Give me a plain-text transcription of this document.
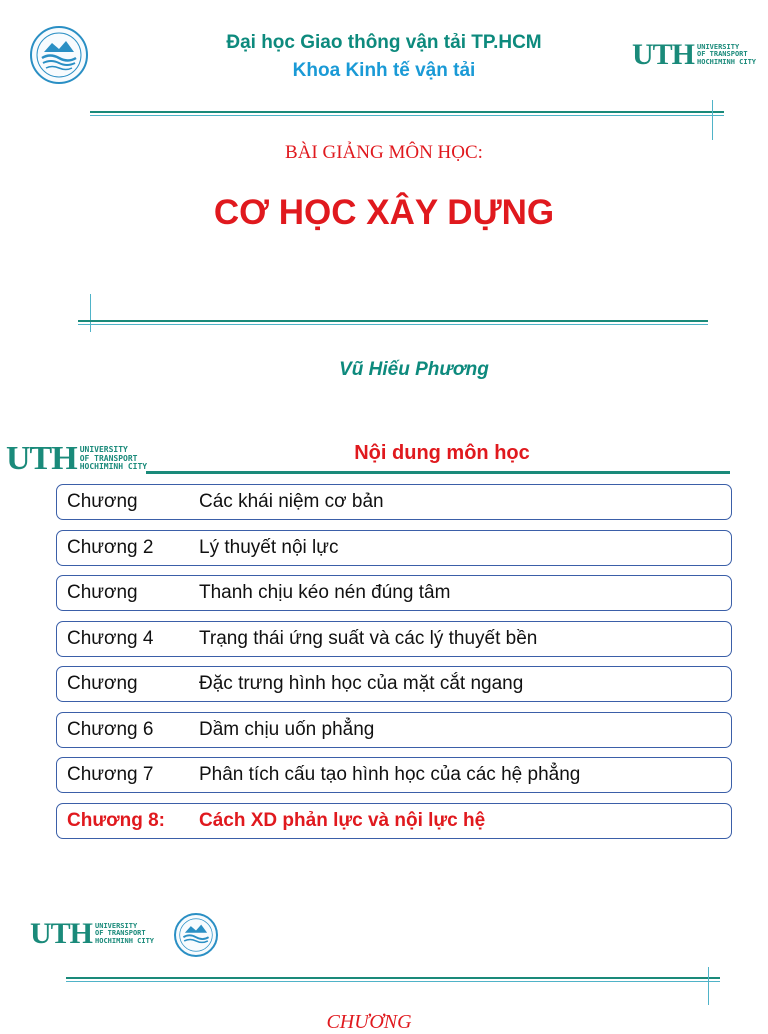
Đại học Giao thông vận tải TP.HCM
Khoa Kinh tế vận tải	UTH UNIVERSITY
OF TRANSPORT
HOCHIMINH CITY
BÀI GIẢNG MÔN HỌC:
CƠ HỌC XÂY DỰNG
Vũ Hiếu Phương
UTH UNIVERSITY
OF TRANSPORT
HOCHIMINH CITY
Nội dung môn học
Chương	Các khái niệm cơ bản
Chương 2 Lý thuyết nội lực
Chương	Thanh chịu kéo nén đúng tâm
Chương 4 Trạng thái ứng suất và các lý thuyết bền
Chương	Đặc trưng hình học của mặt cắt ngang
Chương 6 Dầm chịu uốn phẳng
Chương 7 Phân tích cấu tạo hình học của các hệ phẳng
Chương 8: Cách XD phản lực và nội lực hệ
UTH UNIVERSITY
OF TRANSPORT
HOCHIMINH CITY
CHƯƠNG
